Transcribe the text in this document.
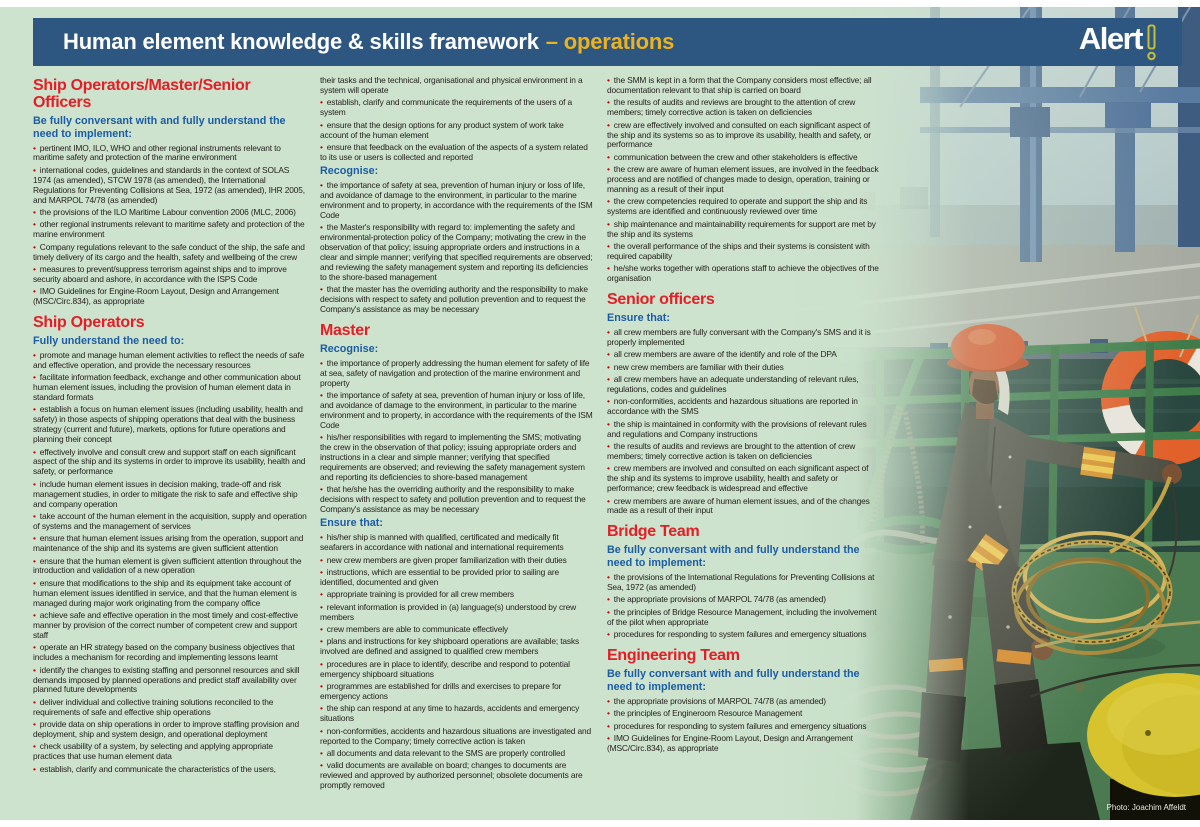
Photo: Joachim Affeldt
Human element knowledge & skills framework – operations	Alert
Ship Operators/Master/Senior Officers
Be fully conversant with and fully understand the need to implement:

• pertinent IMO, ILO, WHO and other regional instruments relevant to maritime safety and protection of the marine environment

• international codes, guidelines and standards in the context of SOLAS 1974 (as amended), STCW 1978 (as amended), the International Regulations for Preventing Collisions at Sea, 1972 (as amended), IHR 2005, and MARPOL 74/78 (as amended)

• the provisions of the ILO Maritime Labour convention 2006 (MLC, 2006)

• other regional instruments relevant to maritime safety and protection of the marine environment

• Company regulations relevant to the safe conduct of the ship, the safe and timely delivery of its cargo and the health, safety and wellbeing of the crew

• measures to prevent/suppress terrorism against ships and to improve security aboard and ashore, in accordance with the ISPS Code

• IMO Guidelines for Engine-Room Layout, Design and Arrangement (MSC/Circ.834), as appropriate

Ship Operators
Fully understand the need to:

• promote and manage human element activities to reflect the needs of safe and effective operation, and provide the necessary resources

• facilitate information feedback, exchange and other communication about human element issues, including the provision of human element data in standard formats

• establish a focus on human element issues (including usability, health and safety) in those aspects of shipping operations that deal with the business strategy (current and future), markets, options for future operations and planning their concept

• effectively involve and consult crew and support staff on each significant aspect of the ship and its systems in order to improve its usability, health and safety, or performance

• include human element issues in decision making, trade-off and risk management studies, in order to mitigate the risk to safe and effective ship and company operation

• take account of the human element in the acquisition, supply and operation of systems and the management of services

• ensure that human element issues arising from the operation, support and maintenance of the ship and its systems are given sufficient attention

• ensure that the human element is given sufficient attention throughout the introduction and validation of a new operation

• ensure that modifications to the ship and its equipment take account of human element issues identified in service, and that the human element is managed during major work originating from the company office

• achieve safe and effective operation in the most timely and cost-effective manner by provision of the correct number of competent crew and support staff

• operate an HR strategy based on the company business objectives that includes a mechanism for recording and implementing lessons learnt

• identify the changes to existing staffing and personnel resources and skill demands imposed by planned operations and predict staff availability over planned future developments

• deliver individual and collective training solutions reconciled to the requirements of safe and effective ship operations

• provide data on ship operations in order to improve staffing provision and deployment, ship and system design, and operational deployment

• check usability of a system, by selecting and applying appropriate practices that use human element data

• establish, clarify and communicate the characteristics of the users,

their tasks and the technical, organisational and physical environment in a system will operate

• establish, clarify and communicate the requirements of the users of a system

• ensure that the design options for any product system of work take account of the human element

• ensure that feedback on the evaluation of the aspects of a system related to its use or users is collected and reported

Recognise:

• the importance of safety at sea, prevention of human injury or loss of life, and avoidance of damage to the environment, in particular to the marine environment and to property, in accordance with the requirements of the ISM Code

• the Master's responsibility with regard to: implementing the safety and environmental-protection policy of the Company; motivating the crew in the observation of that policy; issuing appropriate orders and instructions in a clear and simple manner; verifying that specified requirements are observed; and reviewing the safety management system and reporting its deficiencies to the shore-based management

• that the master has the overriding authority and the responsibility to make decisions with respect to safety and pollution prevention and to request the Company's assistance as may be necessary

Master
Recognise:

• the importance of properly addressing the human element for safety of life at sea, safety of navigation and protection of the marine environment and property

• the importance of safety at sea, prevention of human injury or loss of life, and avoidance of damage to the environment, in particular to the marine environment and to property, in accordance with the requirements of the ISM Code

• his/her responsibilities with regard to implementing the SMS; motivating the crew in the observation of that policy; issuing appropriate orders and instructions in a clear and simple manner; verifying that specified requirements are observed; and reviewing the safety management system and reporting its deficiencies to shore-based management

• that he/she has the overriding authority and the responsibility to make decisions with respect to safety and pollution prevention and to request the Company's assistance as may be necessary

Ensure that:

• his/her ship is manned with qualified, certificated and medically fit seafarers in accordance with national and international requirements

• new crew members are given proper familiarization with their duties

• instructions, which are essential to be provided prior to sailing are identified, documented and given

• appropriate training is provided for all crew members

• relevant information is provided in (a) language(s) understood by crew members

• crew members are able to communicate effectively

• plans and instructions for key shipboard operations are available; tasks involved are defined and assigned to qualified crew members

• procedures are in place to identify, describe and respond to potential emergency shipboard situations

• programmes are established for drills and exercises to prepare for emergency actions

• the ship can respond at any time to hazards, accidents and emergency situations

• non-conformities, accidents and hazardous situations are investigated and reported to the Company; timely corrective action is taken

• all documents and data relevant to the SMS are properly controlled

• valid documents are available on board; changes to documents are reviewed and approved by authorized personnel; obsolete documents are promptly removed

• the SMM is kept in a form that the Company considers most effective; all documentation relevant to that ship is carried on board

• the results of audits and reviews are brought to the attention of crew members; timely corrective action is taken on deficiencies

• crew are effectively involved and consulted on each significant aspect of the ship and its systems so as to improve its usability, health and safety, or performance

• communication between the crew and other stakeholders is effective

• the crew are aware of human element issues, are involved in the feedback process and are notified of changes made to design, operation, training or manning as a result of their input

• the crew competencies required to operate and support the ship and its systems are identified and continuously reviewed over time

• ship maintenance and maintainability requirements for support are met by the ship and its systems

• the overall performance of the ships and their systems is consistent with required capability

• he/she works together with operations staff to achieve the objectives of the organisation

Senior officers
Ensure that:

• all crew members are fully conversant with the Company's SMS and it is properly implemented

• all crew members are aware of the identify and role of the DPA

• new crew members are familiar with their duties

• all crew members have an adequate understanding of relevant rules, regulations, codes and guidelines

• non-conformities, accidents and hazardous situations are reported in accordance with the SMS

• the ship is maintained in conformity with the provisions of relevant rules and regulations and Company instructions

• the results of audits and reviews are brought to the attention of crew members; timely corrective action is taken on deficiencies

• crew members are involved and consulted on each significant aspect of the ship and its systems to improve usability, health and safety or performance; crew feedback is widespread and effective

• crew members are aware of human element issues, and of the changes made as a result of their input

Bridge Team
Be fully conversant with and fully understand the need to implement:

• the provisions of the International Regulations for Preventing Collisions at Sea, 1972 (as amended)

• the appropriate provisions of MARPOL 74/78 (as amended)

• the principles of Bridge Resource Management, including the involvement of the pilot when appropriate

• procedures for responding to system failures and emergency situations

Engineering Team
Be fully conversant with and fully understand the need to implement:

• the appropriate provisions of MARPOL 74/78 (as amended)

• the principles of Engineroom Resource Management

• procedures for responding to system failures and emergency situations

• IMO Guidelines for Engine-Room Layout, Design and Arrangement (MSC/Circ.834), as appropriate
